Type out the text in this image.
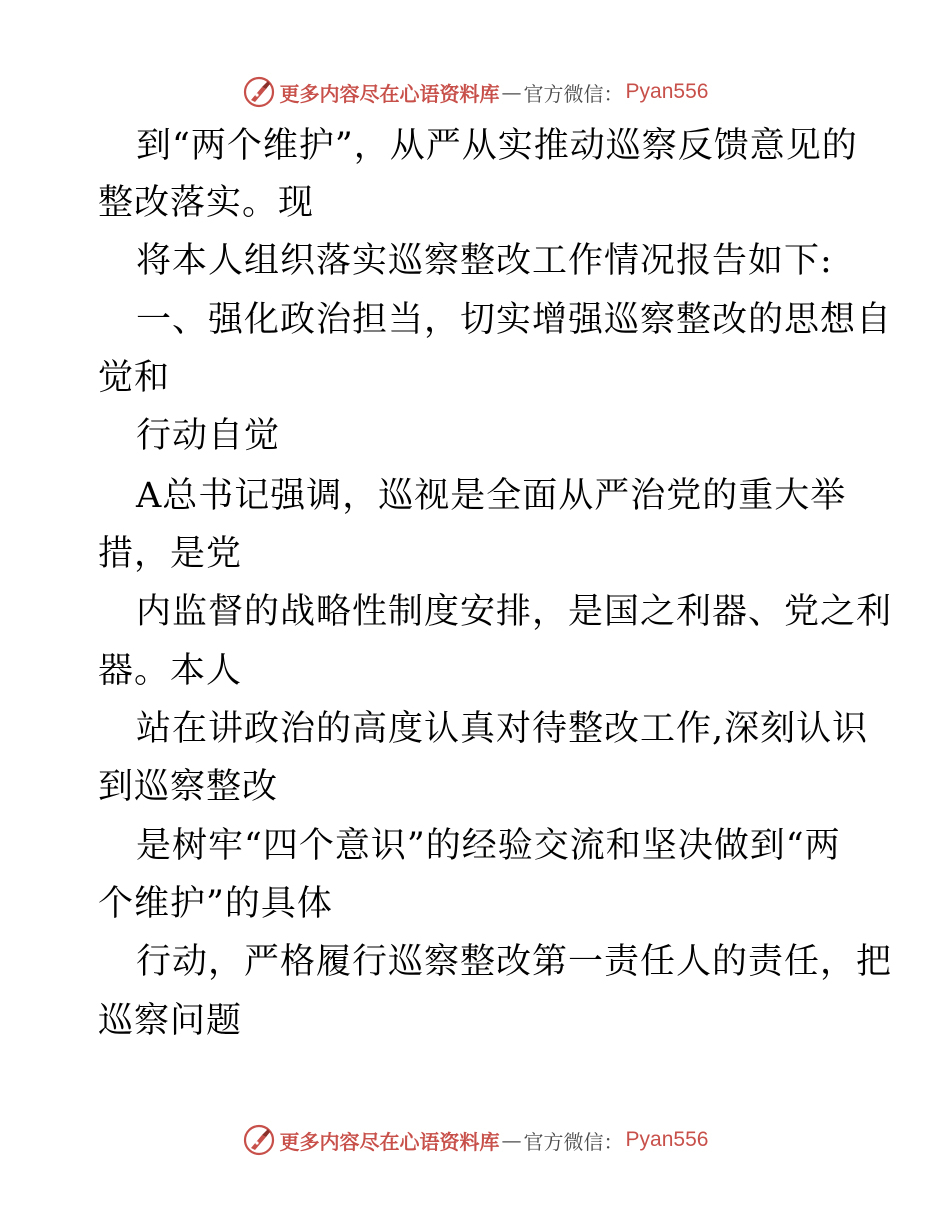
更多内容尽在心语资料库 — 官方微信： Pyan556
到“两个维护”，从严从实推动巡察反馈意见的
整改落实。现
将本人组织落实巡察整改工作情况报告如下:
一、强化政治担当，切实增强巡察整改的思想自
觉和
行动自觉
A总书记强调，巡视是全面从严治党的重大举
措，是党
内监督的战略性制度安排，是国之利器、党之利
器。本人
站在讲政治的高度认真对待整改工作,深刻认识
到巡察整改
是树牢“四个意识”的经验交流和坚决做到“两
个维护”的具体
行动，严格履行巡察整改第一责任人的责任，把
巡察问题
更多内容尽在心语资料库 — 官方微信： Pyan556
